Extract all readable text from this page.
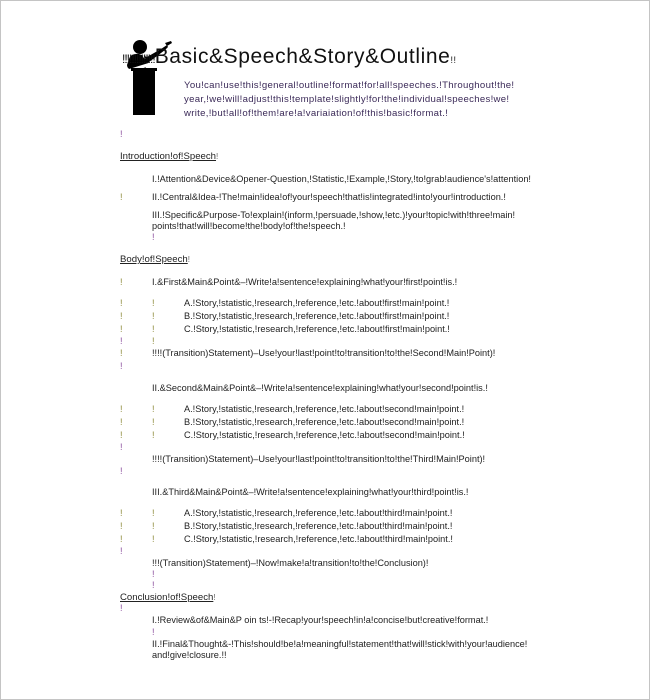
!!!!!!!!!!!!!!Basic&Speech&Story&Outline!!
You!can!use!this!general!outline!format!for!all!speeches.!Throughout!the!
year,!we!will!adjust!this!template!slightly!for!the!individual!speeches!we!
write,!but!all!of!them!are!a!variaiation!of!this!basic!format.!
!
Introduction!of!Speech!
I.!Attention&Device&Opener-Question,!Statistic,!Example,!Story,!to!grab!audience's!attention!
!	II.!Central&Idea-!The!main!idea!of!your!speech!that!is!integrated!into!your!introduction.!
III.!Specific&Purpose-To!explain!(inform,!persuade,!show,!etc.)!your!topic!with!three!main!
points!that!will!become!the!body!of!the!speech.!
!
Body!of!Speech!
!	I.&First&Main&Point&–!Write!a!sentence!explaining!what!your!first!point!is.!
!	!	A.!Story,!statistic,!research,!reference,!etc.!about!first!main!point.!
!	!	B.!Story,!statistic,!research,!reference,!etc.!about!first!main!point.!
!	!	C.!Story,!statistic,!research,!reference,!etc.!about!first!main!point.!
!	!
!	!!!!(Transition)Statement)–Use!your!last!point!to!transition!to!the!Second!Main!Point)!
!
II.&Second&Main&Point&–!Write!a!sentence!explaining!what!your!second!point!is.!
!	!	A.!Story,!statistic,!research,!reference,!etc.!about!second!main!point.!
!	!	B.!Story,!statistic,!research,!reference,!etc.!about!second!main!point.!
!	!	C.!Story,!statistic,!research,!reference,!etc.!about!second!main!point.!
!
!!!!(Transition)Statement)–Use!your!last!point!to!transition!to!the!Third!Main!Point)!
!
III.&Third&Main&Point&–!Write!a!sentence!explaining!what!your!third!point!is.!
!	!	A.!Story,!statistic,!research,!reference,!etc.!about!third!main!point.!
!	!	B.!Story,!statistic,!research,!reference,!etc.!about!third!main!point.!
!	!	C.!Story,!statistic,!research,!reference,!etc.!about!third!main!point.!
!
!!!(Transition)Statement)–!Now!make!a!transition!to!the!Conclusion)!
!
!
Conclusion!of!Speech!
!
I.!Review&of&Main&P oin ts!-!Recap!your!speech!in!a!concise!but!creative!format.!
!
II.!Final&Thought&-!This!should!be!a!meaningful!statement!that!will!stick!with!your!audience!
and!give!closure.!!
